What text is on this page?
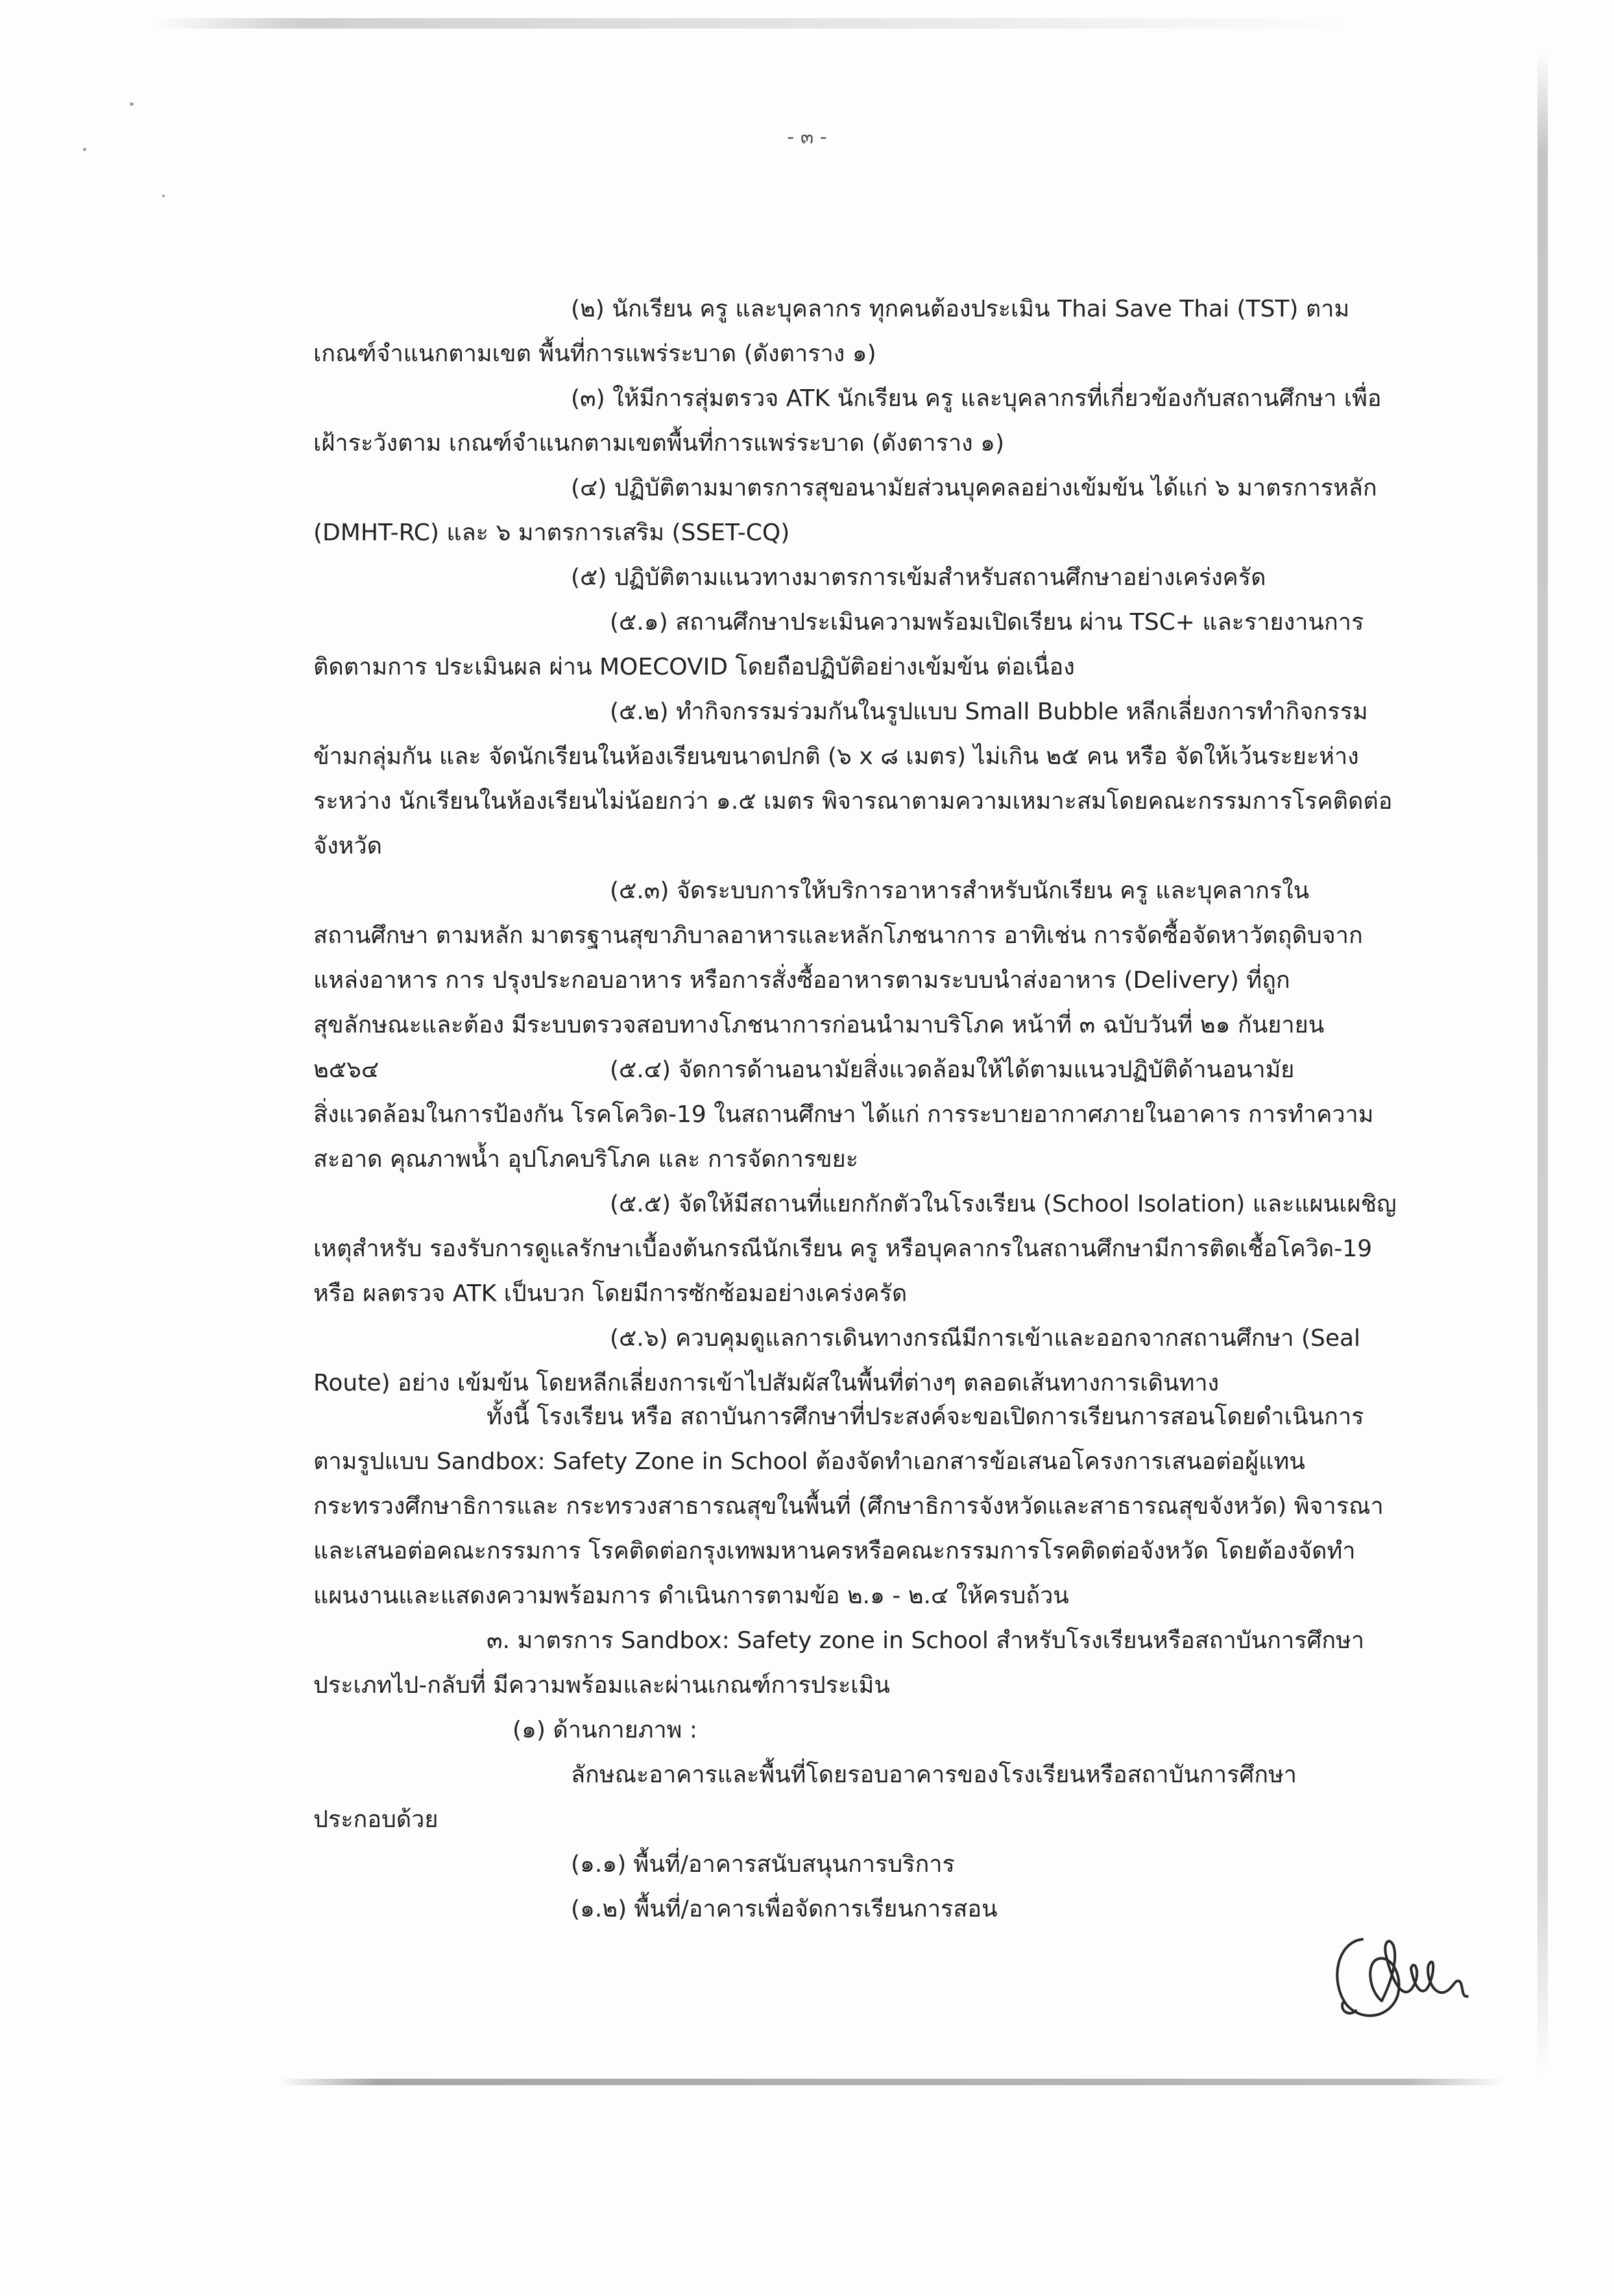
- ๓ -
(๒) นักเรียน ครู และบุคลากร ทุกคนต้องประเมิน Thai Save Thai (TST) ตาม
เกณฑ์จำแนกตามเขต พื้นที่การแพร่ระบาด (ดังตาราง ๑)
(๓) ให้มีการสุ่มตรวจ ATK นักเรียน ครู และบุคลากรที่เกี่ยวข้องกับสถานศึกษา เพื่อ
เฝ้าระวังตาม เกณฑ์จำแนกตามเขตพื้นที่การแพร่ระบาด (ดังตาราง ๑)
(๔) ปฏิบัติตามมาตรการสุขอนามัยส่วนบุคคลอย่างเข้มข้น ได้แก่ ๖ มาตรการหลัก
(DMHT-RC) และ ๖ มาตรการเสริม (SSET-CQ)
(๕) ปฏิบัติตามแนวทางมาตรการเข้มสำหรับสถานศึกษาอย่างเคร่งครัด
(๕.๑) สถานศึกษาประเมินความพร้อมเปิดเรียน ผ่าน TSC+ และรายงานการ
ติดตามการ ประเมินผล ผ่าน MOECOVID โดยถือปฏิบัติอย่างเข้มข้น ต่อเนื่อง
(๕.๒) ทำกิจกรรมร่วมกันในรูปแบบ Small Bubble หลีกเลี่ยงการทำกิจกรรม
ข้ามกลุ่มกัน และ จัดนักเรียนในห้องเรียนขนาดปกติ (๖ x ๘ เมตร) ไม่เกิน ๒๕ คน หรือ จัดให้เว้นระยะห่าง
ระหว่าง นักเรียนในห้องเรียนไม่น้อยกว่า ๑.๕ เมตร พิจารณาตามความเหมาะสมโดยคณะกรรมการโรคติดต่อ
จังหวัด
(๕.๓) จัดระบบการให้บริการอาหารสำหรับนักเรียน ครู และบุคลากรใน
สถานศึกษา ตามหลัก มาตรฐานสุขาภิบาลอาหารและหลักโภชนาการ อาทิเช่น การจัดซื้อจัดหาวัตถุดิบจาก
แหล่งอาหาร การ ปรุงประกอบอาหาร หรือการสั่งซื้ออาหารตามระบบนำส่งอาหาร (Delivery) ที่ถูก
สุขลักษณะและต้อง มีระบบตรวจสอบทางโภชนาการก่อนนำมาบริโภค หน้าที่ ๓ ฉบับวันที่ ๒๑ กันยายน
๒๕๖๔	(๕.๔) จัดการด้านอนามัยสิ่งแวดล้อมให้ได้ตามแนวปฏิบัติด้านอนามัย
สิ่งแวดล้อมในการป้องกัน โรคโควิด-19 ในสถานศึกษา ได้แก่ การระบายอากาศภายในอาคาร การทำความ
สะอาด คุณภาพน้ำ อุปโภคบริโภค และ การจัดการขยะ
(๕.๕) จัดให้มีสถานที่แยกกักตัวในโรงเรียน (School Isolation) และแผนเผชิญ
เหตุสำหรับ รองรับการดูแลรักษาเบื้องต้นกรณีนักเรียน ครู หรือบุคลากรในสถานศึกษามีการติดเชื้อโควิด-19
หรือ ผลตรวจ ATK เป็นบวก โดยมีการซักซ้อมอย่างเคร่งครัด
(๕.๖) ควบคุมดูแลการเดินทางกรณีมีการเข้าและออกจากสถานศึกษา (Seal
Route) อย่าง เข้มข้น โดยหลีกเลี่ยงการเข้าไปสัมผัสในพื้นที่ต่างๆ ตลอดเส้นทางการเดินทาง
ทั้งนี้ โรงเรียน หรือ สถาบันการศึกษาที่ประสงค์จะขอเปิดการเรียนการสอนโดยดำเนินการ
ตามรูปแบบ Sandbox: Safety Zone in School ต้องจัดทำเอกสารข้อเสนอโครงการเสนอต่อผู้แทน
กระทรวงศึกษาธิการและ กระทรวงสาธารณสุขในพื้นที่ (ศึกษาธิการจังหวัดและสาธารณสุขจังหวัด) พิจารณา
และเสนอต่อคณะกรรมการ โรคติดต่อกรุงเทพมหานครหรือคณะกรรมการโรคติดต่อจังหวัด โดยต้องจัดทำ
แผนงานและแสดงความพร้อมการ ดำเนินการตามข้อ ๒.๑ - ๒.๔ ให้ครบถ้วน
๓. มาตรการ Sandbox: Safety zone in School สำหรับโรงเรียนหรือสถาบันการศึกษา
ประเภทไป-กลับที่ มีความพร้อมและผ่านเกณฑ์การประเมิน
(๑) ด้านกายภาพ :
ลักษณะอาคารและพื้นที่โดยรอบอาคารของโรงเรียนหรือสถาบันการศึกษา
ประกอบด้วย
(๑.๑) พื้นที่/อาคารสนับสนุนการบริการ
(๑.๒) พื้นที่/อาคารเพื่อจัดการเรียนการสอน
